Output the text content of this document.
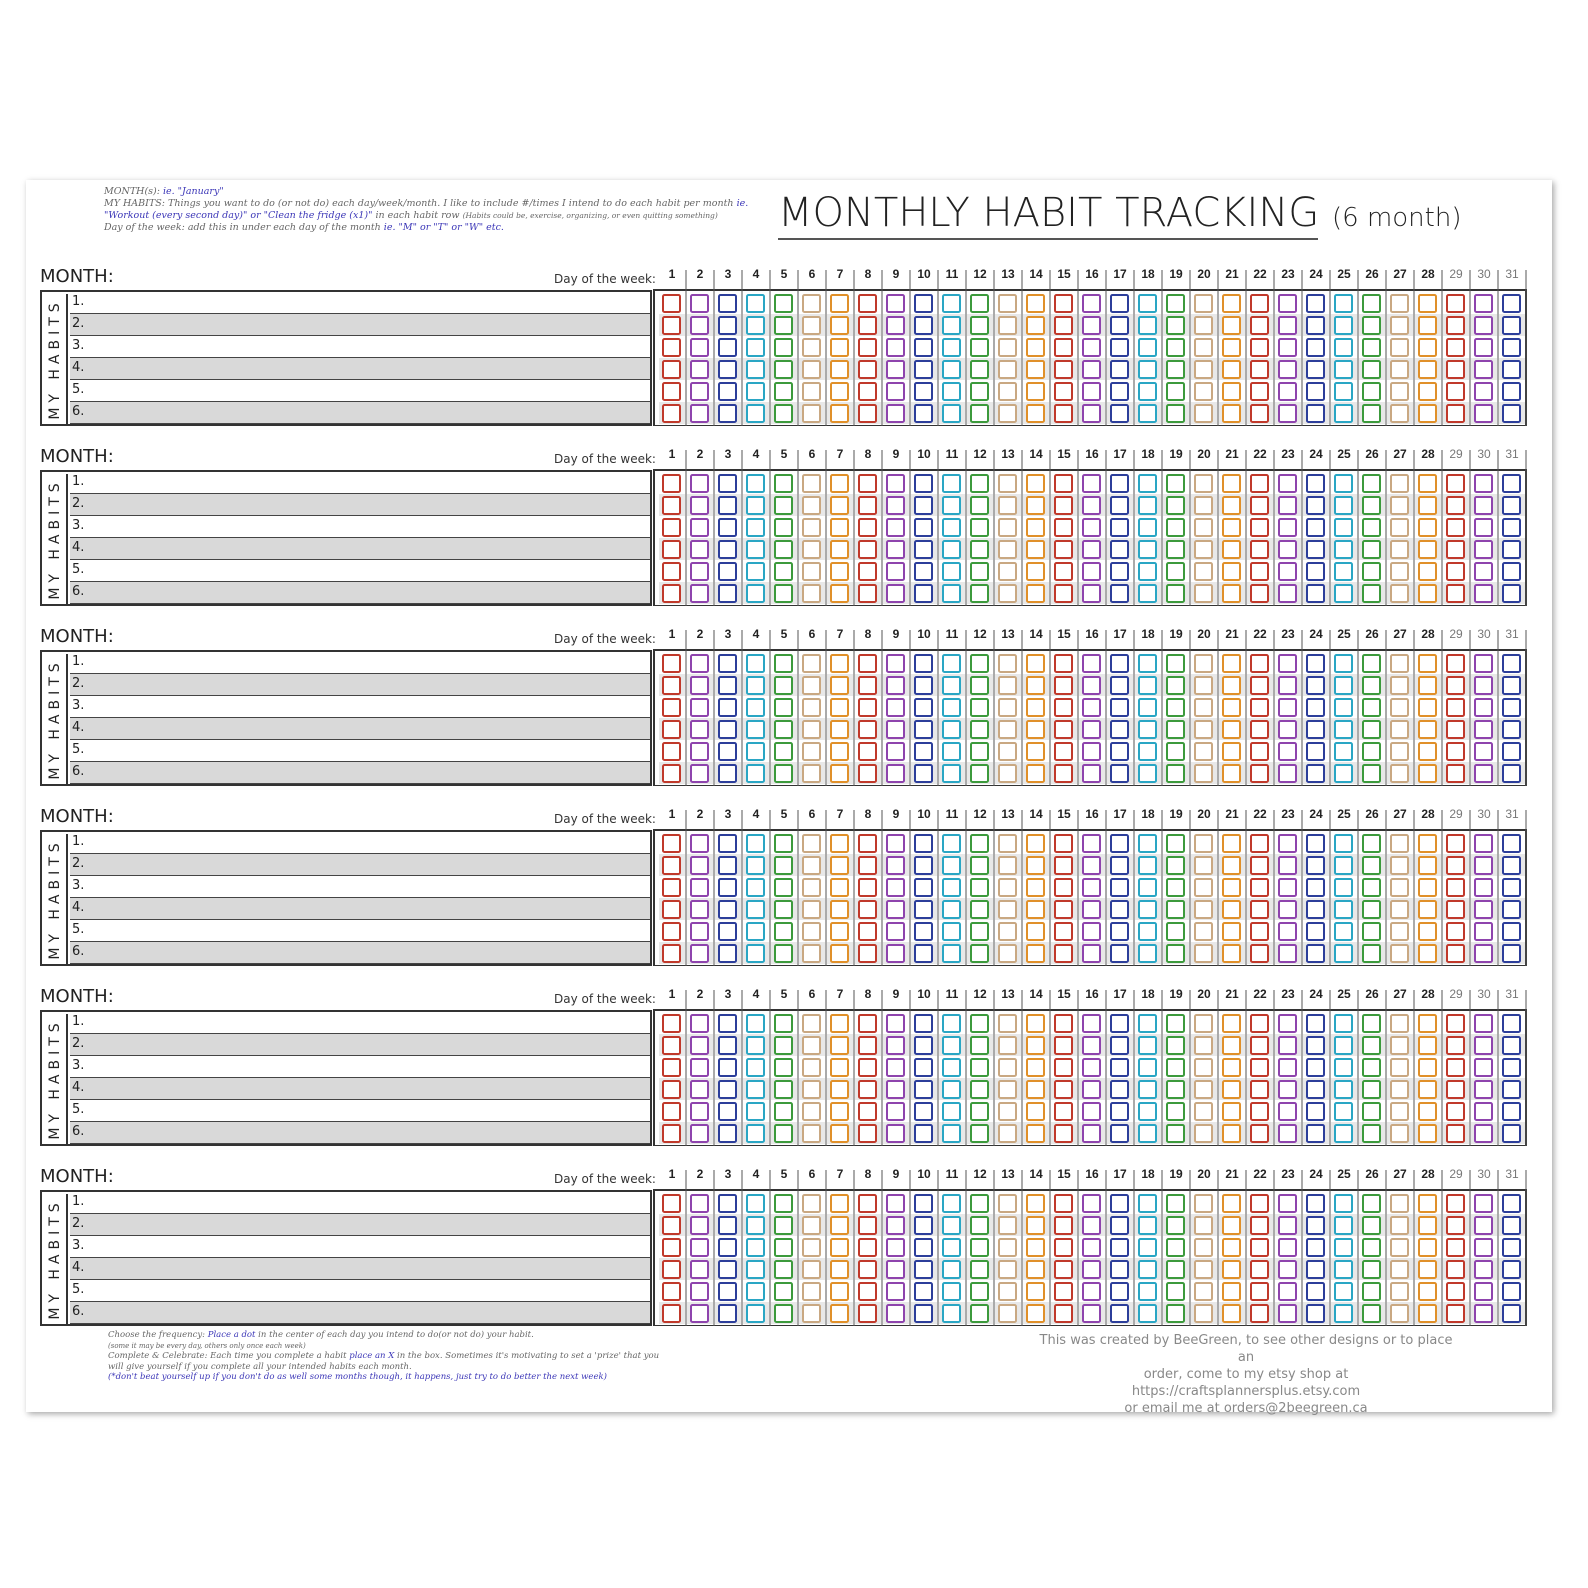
MONTH(s): ie. "January"
MY HABITS: Things you want to do (or not do) each day/week/month. I like to include #/times I intend to do each habit per month ie. "Workout (every second day)" or "Clean the fridge (x1)" in each habit row (Habits could be, exercise, organizing, or even quitting something)
Day of the week: add this in under each day of the month ie. "M" or "T" or "W" etc.	MONTHLY HABIT TRACKING (6 month)
MONTH:	Day of the week:
MY HABITS 1.
2.
3.
4.
5.
6.
1 2 3 4 5 6 7 8 9 10 11 12 13 14 15 16 17 18 19 20 21 22 23 24 25 26 27 28 29 30 31
MONTH:	Day of the week:
MY HABITS 1.
2.
3.
4.
5.
6.
1 2 3 4 5 6 7 8 9 10 11 12 13 14 15 16 17 18 19 20 21 22 23 24 25 26 27 28 29 30 31
MONTH:	Day of the week:
MY HABITS 1.
2.
3.
4.
5.
6.
1 2 3 4 5 6 7 8 9 10 11 12 13 14 15 16 17 18 19 20 21 22 23 24 25 26 27 28 29 30 31
MONTH:	Day of the week:
MY HABITS 1.
2.
3.
4.
5.
6.
1 2 3 4 5 6 7 8 9 10 11 12 13 14 15 16 17 18 19 20 21 22 23 24 25 26 27 28 29 30 31
MONTH:	Day of the week:
MY HABITS 1.
2.
3.
4.
5.
6.
1 2 3 4 5 6 7 8 9 10 11 12 13 14 15 16 17 18 19 20 21 22 23 24 25 26 27 28 29 30 31
MONTH:	Day of the week:
MY HABITS 1.
2.
3.
4.
5.
6.
1 2 3 4 5 6 7 8 9 10 11 12 13 14 15 16 17 18 19 20 21 22 23 24 25 26 27 28 29 30 31
Choose the frequency: Place a dot in the center of each day you intend to do(or not do) your habit.
(some it may be every day, others only once each week)
Complete & Celebrate: Each time you complete a habit place an X in the box. Sometimes it's motivating to set a 'prize' that you will give yourself if you complete all your intended habits each month.
(*don't beat yourself up if you don't do as well some months though, it happens, just try to do better the next week)
This was created by BeeGreen, to see other designs or to place an
order, come to my etsy shop at https://craftsplannersplus.etsy.com
or email me at orders@2beegreen.ca
